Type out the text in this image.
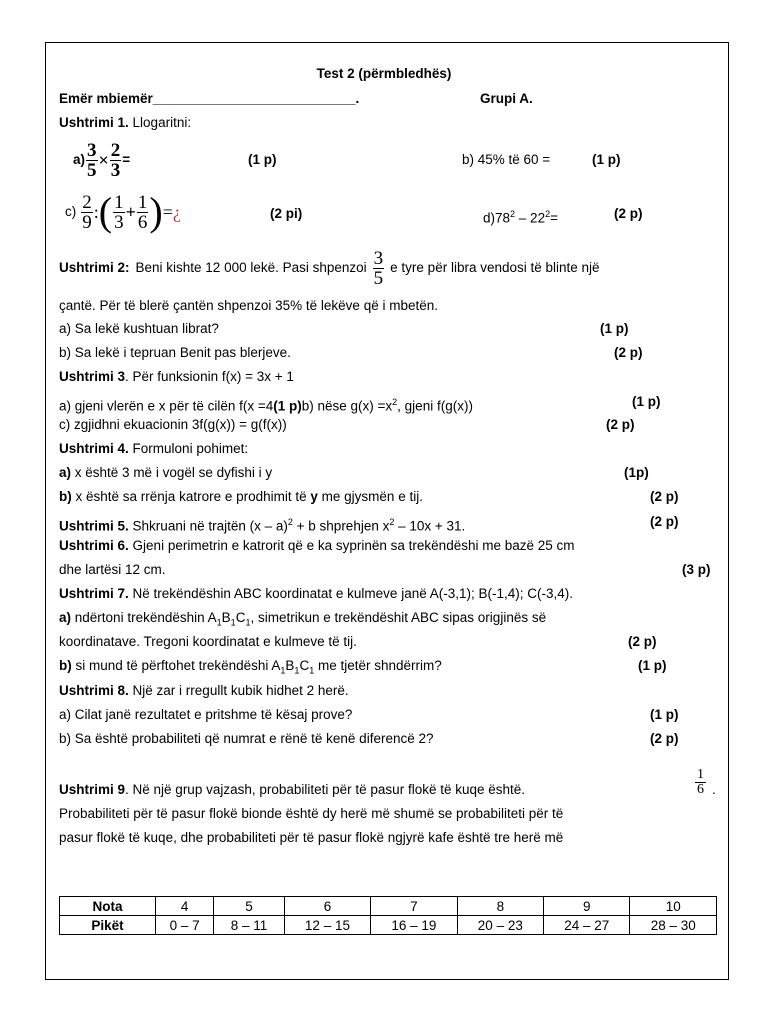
Test 2 (përmbledhës)
Emër mbiemër___________________________.	Grupi A.
Ushtrimi 1. Llogaritni:
$a) \frac{3}{5} \times \frac{2}{3}$ =	(1 p)	b) 45% të 60 =	(1 p)
$c) \frac{2}{9}$ : ( $\frac{1}{3} + \frac{1}{6}$ ) = ¿	(2 pi)	$d)78^2 - 22^2=$	(2 p)
Ushtrimi 2: Beni kishte 12 000 lekë. Pasi shpenzoi $\frac{3}{5}$ e tyre për libra vendosi të blinte një
çantë. Për të blerë çantën shpenzoi 35% të lekëve që i mbetën.
a) Sa lekë kushtuan librat?	(1 p)
b) Sa lekë i tepruan Benit pas blerjeve.	(2 p)
Ushtrimi 3. Për funksionin f(x) = 3x + 1
a) gjeni vlerën e x për të cilën f(x =4(1 p)b) nëse $g(x) =x^2$, gjeni f(g(x))	(1 p)
c) zgjidhni ekuacionin 3f(g(x)) = g(f(x))	(2 p)
Ushtrimi 4. Formuloni pohimet:
a) x është 3 më i vogël se dyfishi i y	(1p)
b) x është sa rrënja katrore e prodhimit të y me gjysmën e tij.	(2 p)
Ushtrimi 5. Shkruani në trajtën (x – a)$^2$ + b shprehjen $x^2 - 10x + 31$.	(2 p)
Ushtrimi 6. Gjeni perimetrin e katrorit që e ka syprinën sa trekëndëshi me bazë 25 cm
dhe lartësi 12 cm.	(3 p)
Ushtrimi 7. Në trekëndëshin ABC koordinatat e kulmeve janë A(-3,1); B(-1,4); C(-3,4).
a) ndërtoni trekëndëshin $A_1B_1C_1$, simetrikun e trekëndëshit ABC sipas origjinës së
koordinatave. Tregoni koordinatat e kulmeve të tij.	(2 p)
b) si mund të përftohet trekëndëshi $A_1B_1C_1$ me tjetër shndërrim?	(1 p)
Ushtrimi 8. Një zar i rregullt kubik hidhet 2 herë.
a) Cilat janë rezultatet e pritshme të kësaj prove?	(1 p)
b) Sa është probabiliteti që numrat e rënë të kenë diferencë 2?	(2 p)
Ushtrimi 9. Në një grup vajzash, probabiliteti për të pasur flokë të kuqe është.
1
6 .
Probabiliteti për të pasur flokë bionde është dy herë më shumë se probabiliteti për të
pasur flokë të kuqe, dhe probabiliteti për të pasur flokë ngjyrë kafe është tre herë më
Nota	4	5	6	7	8	9	10
Pikët	0 – 7	8 – 11	12 – 15	16 – 19	20 – 23	24 – 27	28 – 30
